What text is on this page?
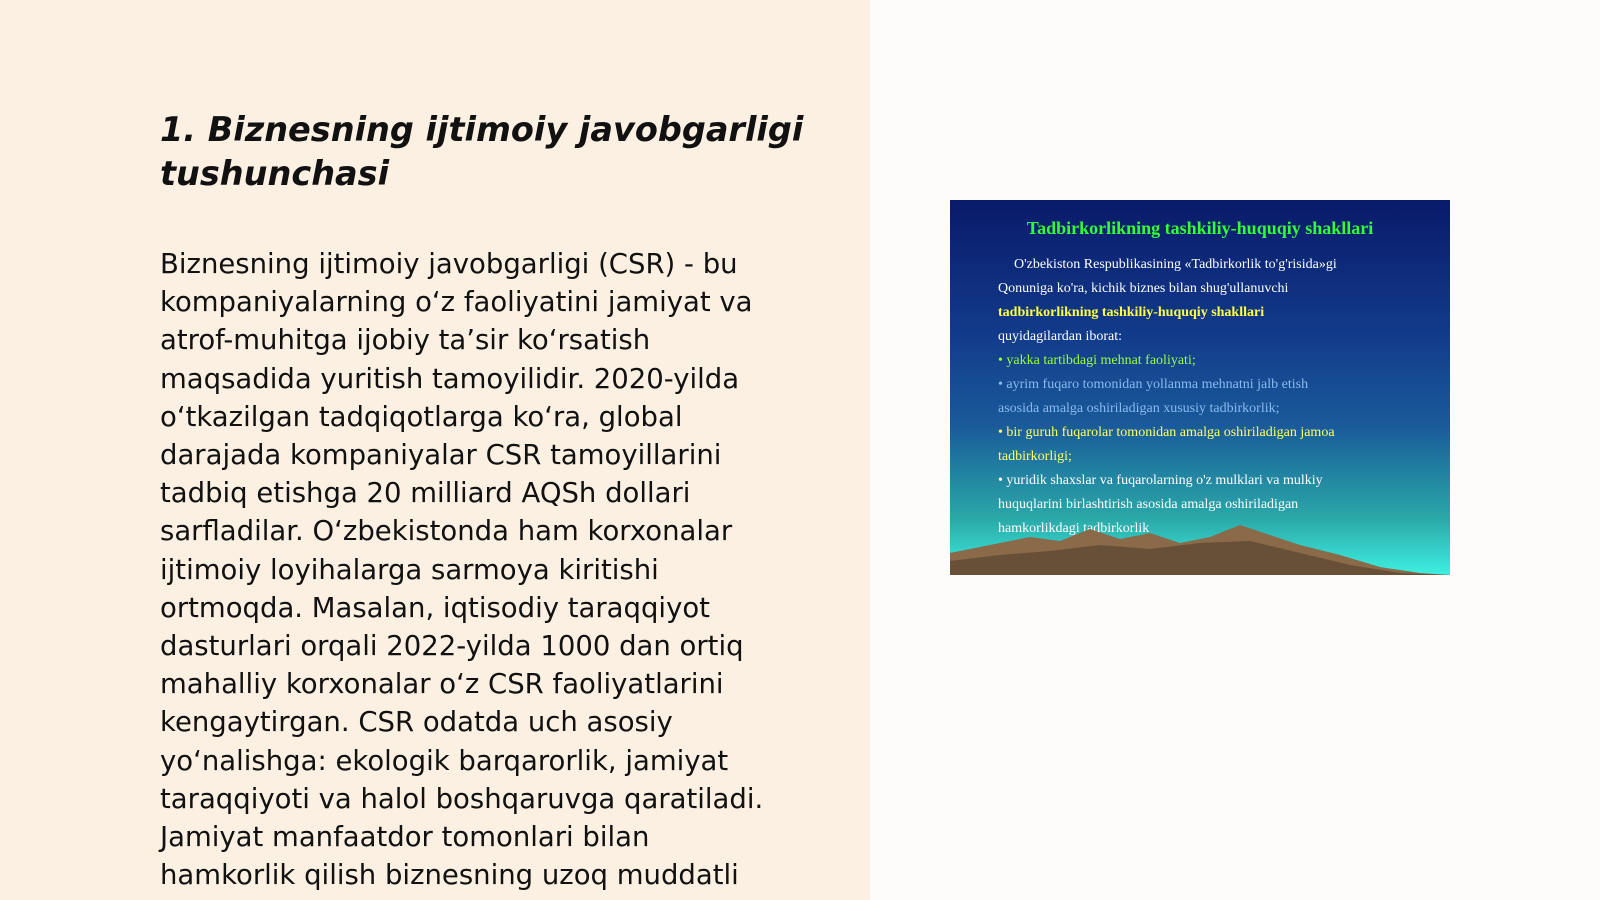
1. Biznesning ijtimoiy javobgarligi tushunchasi
Biznesning ijtimoiy javobgarligi (CSR) - bu
kompaniyalarning o‘z faoliyatini jamiyat va
atrof-muhitga ijobiy ta’sir ko‘rsatish
maqsadida yuritish tamoyilidir. 2020-yilda
o‘tkazilgan tadqiqotlarga ko‘ra, global
darajada kompaniyalar CSR tamoyillarini
tadbiq etishga 20 milliard AQSh dollari
sarfladilar. O‘zbekistonda ham korxonalar
ijtimoiy loyihalarga sarmoya kiritishi
ortmoqda. Masalan, iqtisodiy taraqqiyot
dasturlari orqali 2022-yilda 1000 dan ortiq
mahalliy korxonalar o‘z CSR faoliyatlarini
kengaytirgan. CSR odatda uch asosiy
yo‘nalishga: ekologik barqarorlik, jamiyat
taraqqiyoti va halol boshqaruvga qaratiladi.
Jamiyat manfaatdor tomonlari bilan
hamkorlik qilish biznesning uzoq muddatli
Tadbirkorlikning tashkiliy-huquqiy shakllari
O'zbekiston Respublikasining «Tadbirkorlik to'g'risida»gi
Qonuniga ko'ra, kichik biznes bilan shug'ullanuvchi
tadbirkorlikning tashkiliy-huquqiy shakllari
quyidagilardan iborat:
• yakka tartibdagi mehnat faoliyati;
• ayrim fuqaro tomonidan yollanma mehnatni jalb etish
asosida amalga oshiriladigan xususiy tadbirkorlik;
• bir guruh fuqarolar tomonidan amalga oshiriladigan jamoa
tadbirkorligi;
• yuridik shaxslar va fuqarolarning o'z mulklari va mulkiy
huquqlarini birlashtirish asosida amalga oshiriladigan
hamkorlikdagi tadbirkorlik
